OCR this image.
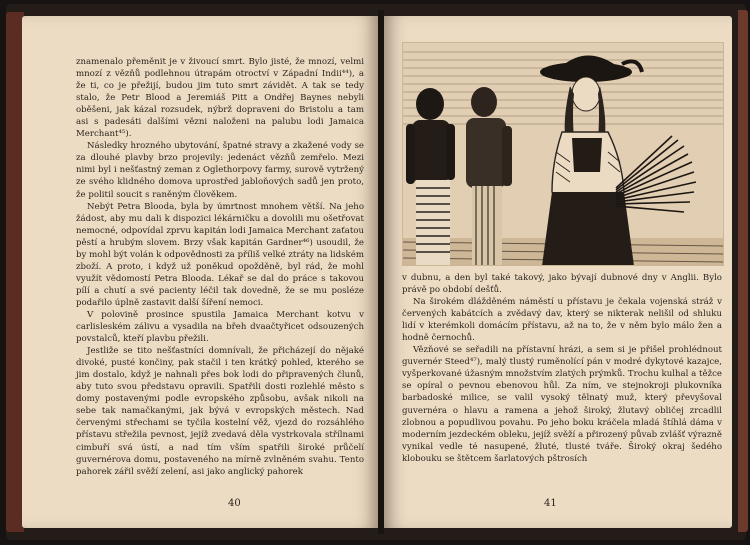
znamenalo přeměnit je v živoucí smrt. Bylo jisté, že mnozí, velmi mnozí z vězňů podlehnou útrapám otroctví v Západní Indii⁴⁴), a že ti, co je přežijí, budou jim tuto smrt závidět. A tak se tedy stalo, že Petr Blood a Jeremiáš Pitt a Ondřej Baynes nebyli oběšeni, jak kázal rozsudek, nýbrž dopraveni do Bristolu a tam asi s padesáti dalšími vězni naloženi na palubu lodi Jamaica Merchant⁴⁵).

Následky hrozného ubytování, špatné stravy a zkažené vody se za dlouhé plavby brzo projevily: jedenáct vězňů zemřelo. Mezi nimi byl i nešťastný zeman z Oglethorpovy farmy, surově vytržený ze svého klidného domova uprostřed jabloňových sadů jen proto, že politil soucit s raněným člověkem.

Nebýt Petra Blooda, byla by úmrtnost mnohem větší. Na jeho žádost, aby mu dali k dispozici lékárničku a dovolili mu ošetřovat nemocné, odpovídal zprvu kapitán lodi Jamaica Merchant zaťatou pěstí a hrubým slovem. Brzy však kapitán Gardner⁴⁶) usoudil, že by mohl být volán k odpovědnosti za příliš velké ztráty na lidském zboží. A proto, i když už poněkud opožděně, byl rád, že mohl využít vědomostí Petra Blooda. Lékař se dal do práce s takovou pílí a chutí a své pacienty léčil tak dovedně, že se mu posléze podařilo úplně zastavit další šíření nemoci.

V polovině prosince spustila Jamaica Merchant kotvu v carlisleském zálivu a vysadila na břeh dvaačtyřicet odsouzených povstalců, kteří plavbu přežili.

Jestliže se tito nešťastníci domnívali, že přicházejí do nějaké divoké, pusté končiny, pak stačil i ten krátký pohled, kterého se jim dostalo, když je nahnali přes bok lodi do připravených člunů, aby tuto svou představu opravili. Spatřili dosti rozlehlé město s domy postavenými podle evropského způsobu, avšak nikoli na sebe tak namačkanými, jak bývá v evropských městech. Nad červenými střechami se tyčila kostelní věž, vjezd do rozsáhlého přístavu střežila pevnost, jejíž zvedavá děla vystrkovala střílnami cimbuří svá ústí, a nad tím vším spatřili široké průčelí guvernérova domu, postaveného na mírně zvlněném svahu. Tento pahorek zářil svěží zelení, asi jako anglický pahorek

40

v dubnu, a den byl také takový, jako bývají dubnové dny v Anglii. Bylo právě po období dešťů.

Na širokém dlážděném náměstí u přístavu je čekala vojenská stráž v červených kabátcích a zvědavý dav, který se nikterak nelišil od shluku lidí v kterémkoli domácím přístavu, až na to, že v něm bylo málo žen a hodně černochů.

Vězňové se seřadili na přístavní hrázi, a sem si je přišel prohlédnout guvernér Steed⁴⁷), malý tlustý ruměnolící pán v modré dykytové kazajce, vyšperkované úžasným množstvím zlatých prýmků. Trochu kulhal a těžce se opíral o pevnou ebenovou hůl. Za ním, ve stejnokroji plukovníka barbadoské milice, se valil vysoký tělnatý muž, který převyšoval guvernéra o hlavu a ramena a jehož široký, žlutavý obličej zrcadlil zlobnou a popudlivou povahu. Po jeho boku kráčela mladá štíhlá dáma v moderním jezdeckém obleku, jejíž svěží a přirozený půvab zvlášť výrazně vynikal vedle té nasupené, žluté, tlusté tváře. Široký okraj šedého klobouku se štětcem šarlatových pštrosích

41
